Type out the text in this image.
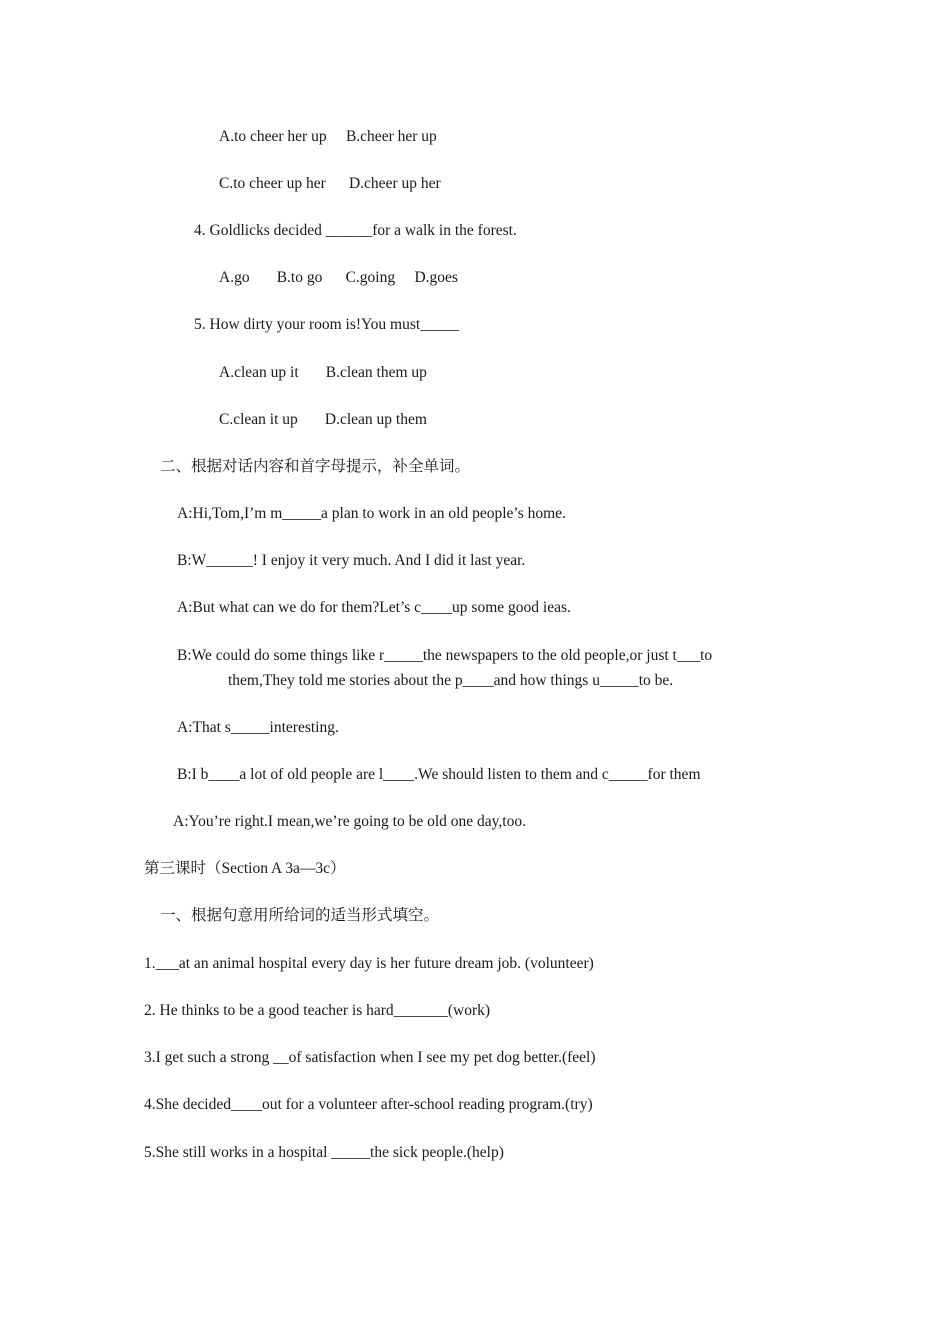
A.to cheer her up     B.cheer her up
C.to cheer up her      D.cheer up her
4. Goldlicks decided ______for a walk in the forest.
A.go       B.to go      C.going     D.goes
5. How dirty your room is!You must_____
A.clean up it       B.clean them up
C.clean it up       D.clean up them
二、根据对话内容和首字母提示，补全单词。
A:Hi,Tom,I’m m_____a plan to work in an old people’s home.
B:W______! I enjoy it very much. And I did it last year.
A:But what can we do for them?Let’s c____up some good ieas.
B:We could do some things like r_____the newspapers to the old people,or just t___to
them,They told me stories about the p____and how things u_____to be.
A:That s_____interesting.
B:I b____a lot of old people are l____.We should listen to them and c_____for them
A:You’re right.I mean,we’re going to be old one day,too.
第三课时（Section A 3a—3c）
一、根据句意用所给词的适当形式填空。
1.___at an animal hospital every day is her future dream job. (volunteer)
2. He thinks to be a good teacher is hard_______(work)
3.I get such a strong __of satisfaction when I see my pet dog better.(feel)
4.She decided____out for a volunteer after-school reading program.(try)
5.She still works in a hospital _____the sick people.(help)
